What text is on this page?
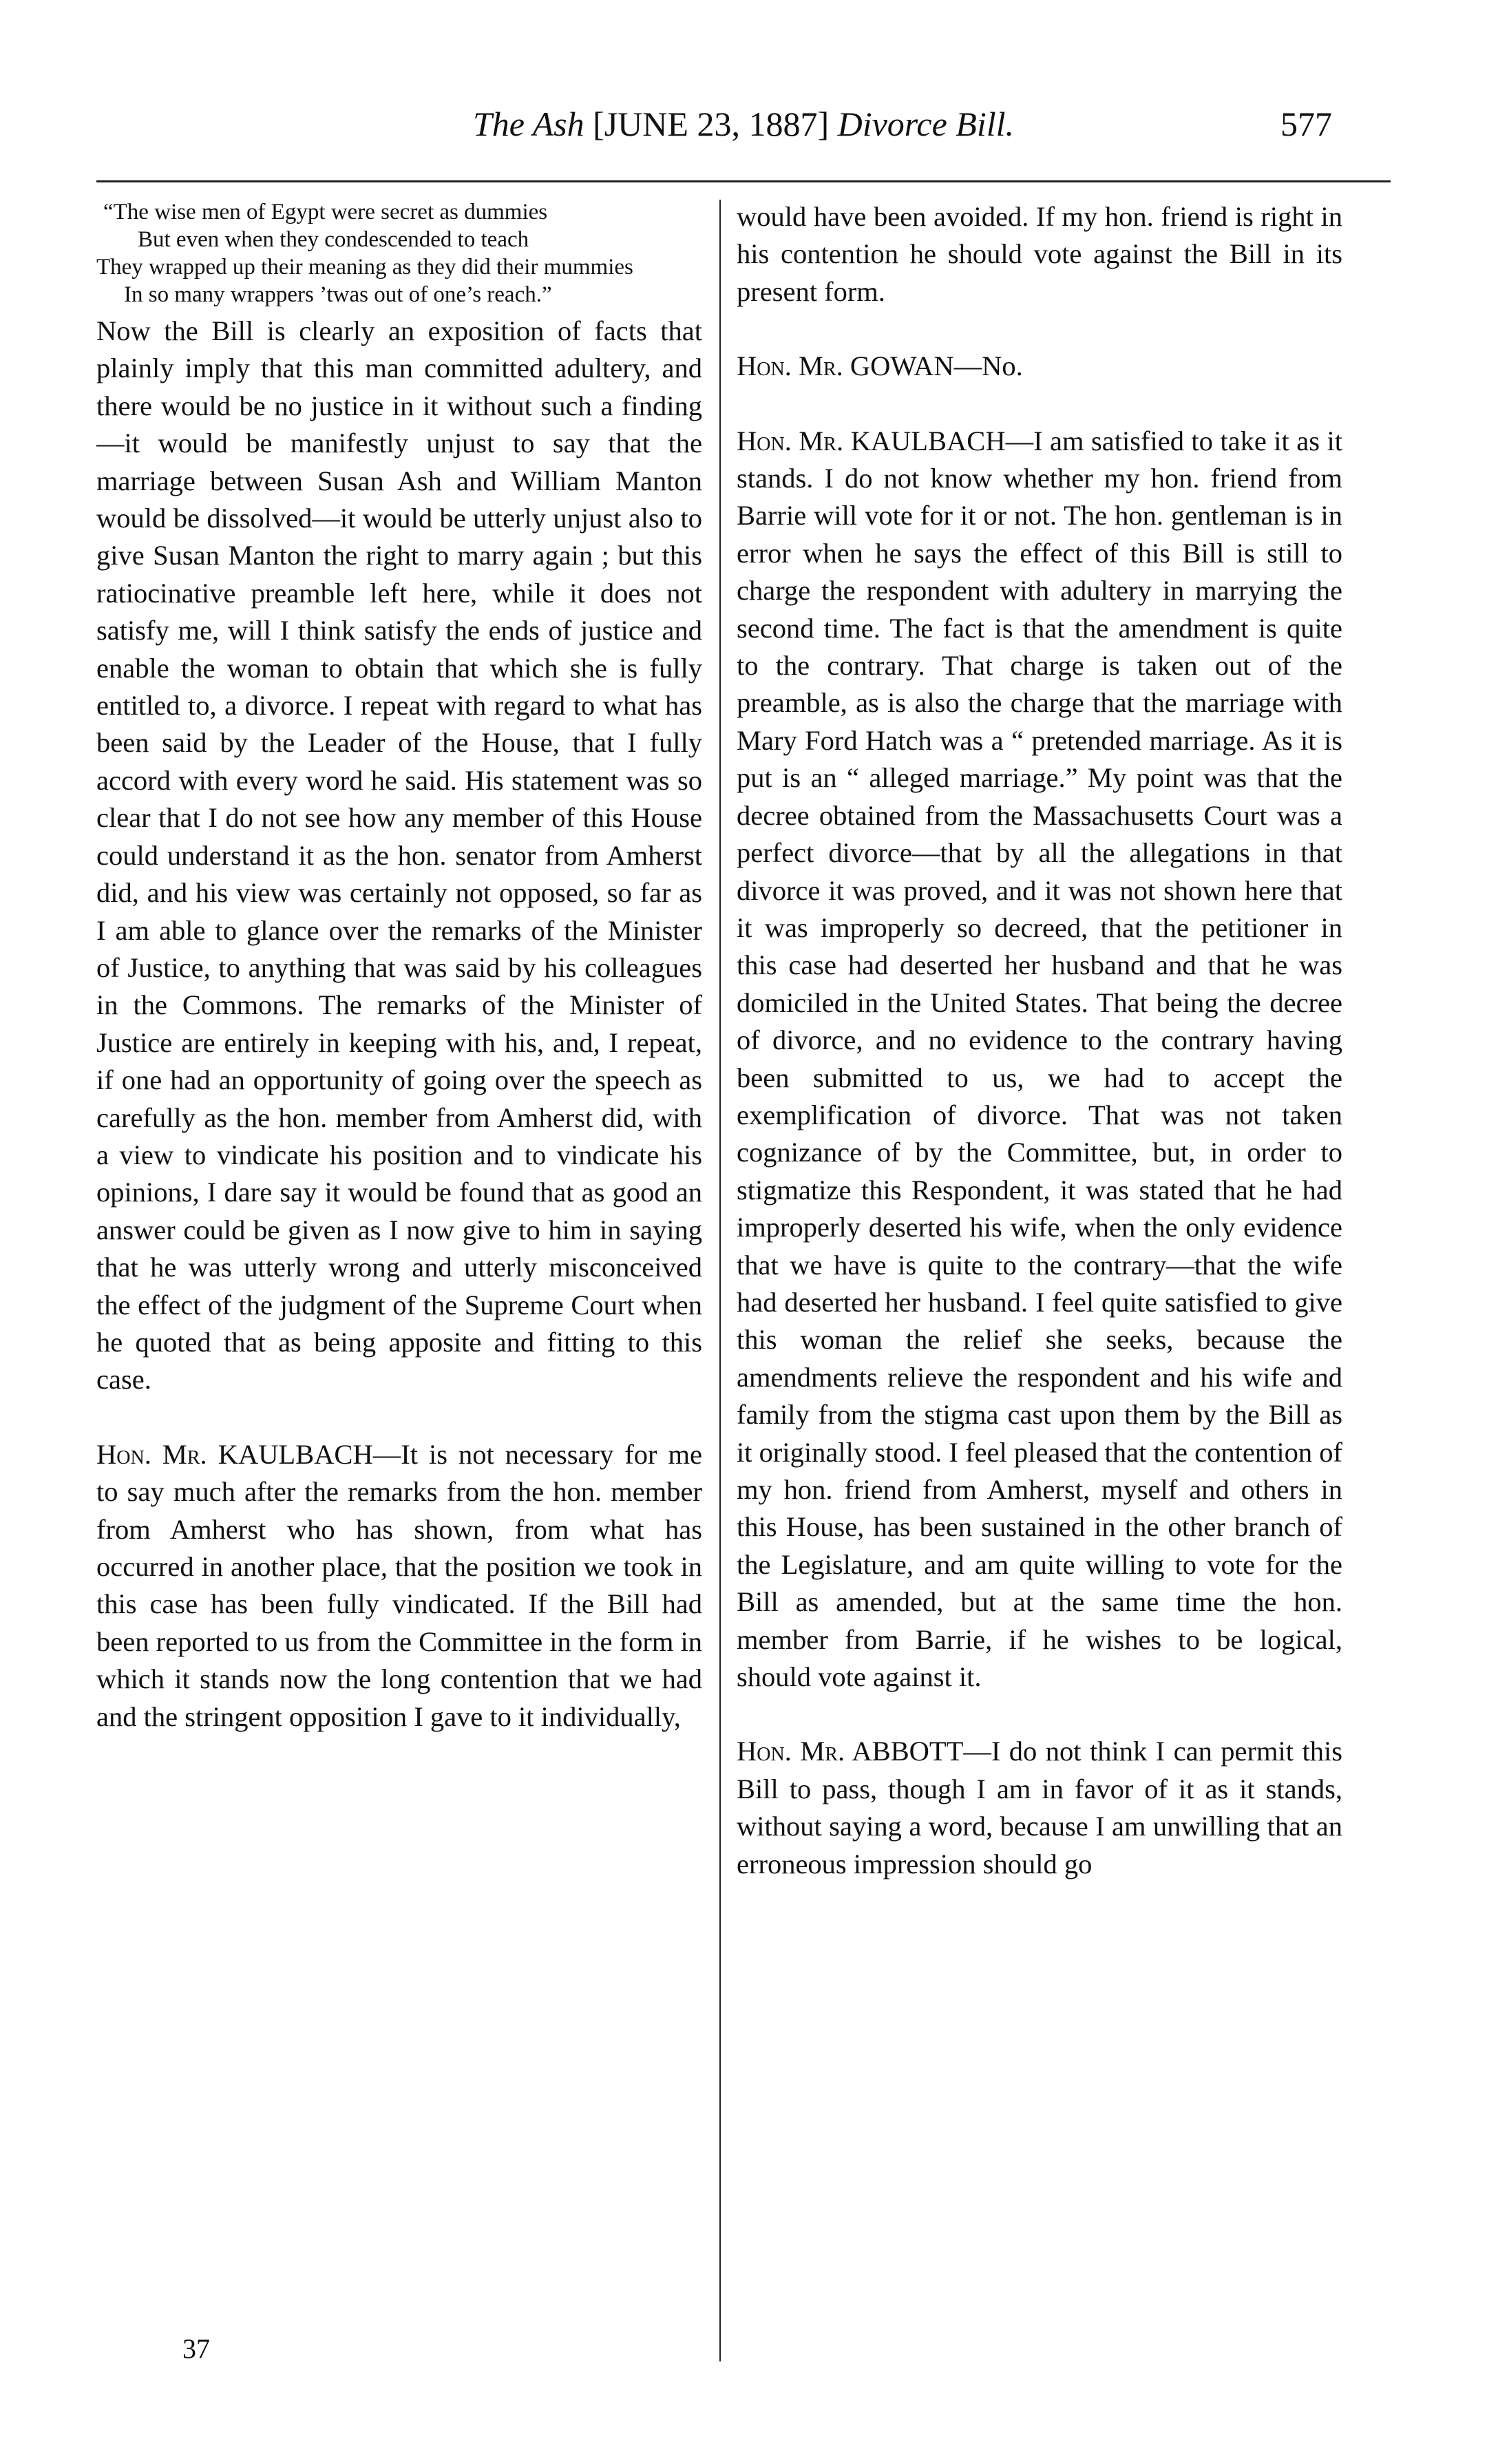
The Ash [JUNE 23, 1887] Divorce Bill.	577
“The wise men of Egypt were secret as dummies
But even when they condescended to teach
They wrapped up their meaning as they did their mummies
In so many wrappers ’twas out of one’s reach.”

Now the Bill is clearly an exposition of facts that plainly imply that this man committed adultery, and there would be no justice in it without such a finding—it would be manifestly unjust to say that the marriage between Susan Ash and William Manton would be dissolved—it would be utterly unjust also to give Susan Manton the right to marry again ; but this ratiocinative preamble left here, while it does not satisfy me, will I think satisfy the ends of justice and enable the woman to obtain that which she is fully entitled to, a divorce. I repeat with regard to what has been said by the Leader of the House, that I fully accord with every word he said. His statement was so clear that I do not see how any member of this House could understand it as the hon. senator from Amherst did, and his view was certainly not opposed, so far as I am able to glance over the remarks of the Minister of Justice, to anything that was said by his colleagues in the Commons. The remarks of the Minister of Justice are entirely in keeping with his, and, I repeat, if one had an opportunity of going over the speech as carefully as the hon. member from Amherst did, with a view to vindicate his position and to vindicate his opinions, I dare say it would be found that as good an answer could be given as I now give to him in saying that he was utterly wrong and utterly misconceived the effect of the judgment of the Supreme Court when he quoted that as being apposite and fitting to this case.

Hon. Mr. KAULBACH—It is not necessary for me to say much after the remarks from the hon. member from Amherst who has shown, from what has occurred in another place, that the position we took in this case has been fully vindicated. If the Bill had been reported to us from the Committee in the form in which it stands now the long contention that we had and the stringent opposition I gave to it individually,

would have been avoided. If my hon. friend is right in his contention he should vote against the Bill in its present form.

Hon. Mr. GOWAN—No.

Hon. Mr. KAULBACH—I am satisfied to take it as it stands. I do not know whether my hon. friend from Barrie will vote for it or not. The hon. gentleman is in error when he says the effect of this Bill is still to charge the respondent with adultery in marrying the second time. The fact is that the amendment is quite to the contrary. That charge is taken out of the preamble, as is also the charge that the marriage with Mary Ford Hatch was a “ pretended marriage. As it is put is an “ alleged marriage.” My point was that the decree obtained from the Massachusetts Court was a perfect divorce—that by all the allegations in that divorce it was proved, and it was not shown here that it was improperly so decreed, that the petitioner in this case had deserted her husband and that he was domiciled in the United States. That being the decree of divorce, and no evidence to the contrary having been submitted to us, we had to accept the exemplification of divorce. That was not taken cognizance of by the Committee, but, in order to stigmatize this Respondent, it was stated that he had improperly deserted his wife, when the only evidence that we have is quite to the contrary—that the wife had deserted her husband. I feel quite satisfied to give this woman the relief she seeks, because the amendments relieve the respondent and his wife and family from the stigma cast upon them by the Bill as it originally stood. I feel pleased that the contention of my hon. friend from Amherst, myself and others in this House, has been sustained in the other branch of the Legislature, and am quite willing to vote for the Bill as amended, but at the same time the hon. member from Barrie, if he wishes to be logical, should vote against it.

Hon. Mr. ABBOTT—I do not think I can permit this Bill to pass, though I am in favor of it as it stands, without saying a word, because I am unwilling that an erroneous impression should go

37
